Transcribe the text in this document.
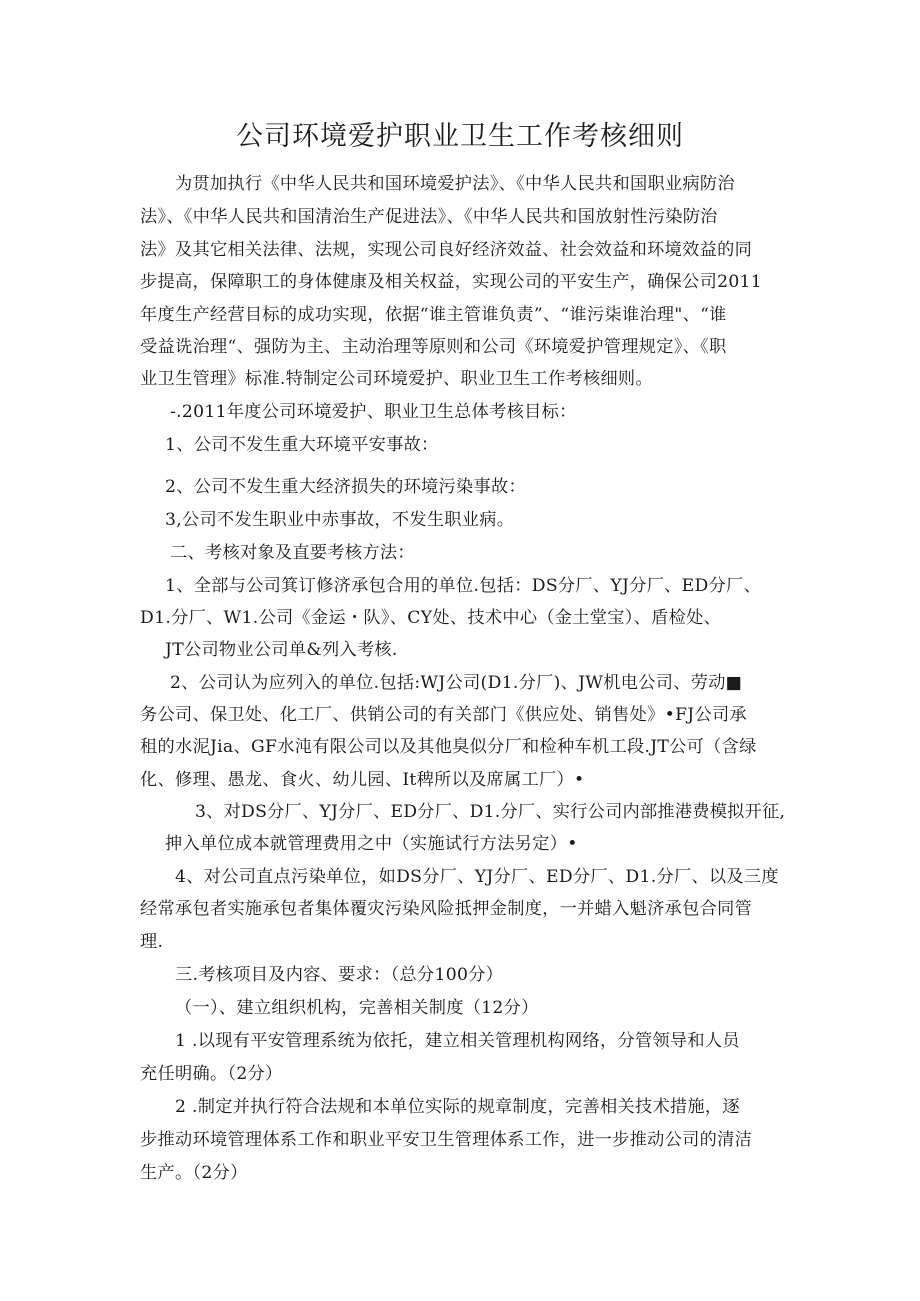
公司环境爱护职业卫生工作考核细则
为贯加执行《中华人民共和国环境爱护法》、《中华人民共和国职业病防治
法》、《中华人民共和国清治生产促进法》、《中华人民共和国放射性污染防治
法》及其它相关法律、法规，实现公司良好经济效益、社会效益和环境效益的同
步提高，保障职工的身体健康及相关权益，实现公司的平安生产，确保公司2011
年度生产经营目标的成功实现，依据“谁主管谁负责”、“谁污柒谁治理"、“谁
受益诜治理“、强防为主、主动治理等原则和公司《环境爱护管理规定》、《职
业卫生管理》标准.特制定公司环境爱护、职业卫生工作考核细则。
-.2011年度公司环境爱护、职业卫生总体考核目标：
1、公司不发生重大环境平安事故：
2、公司不发生重大经济损失的环境污染事故：
3,公司不发生职业中赤事故，不发生职业病。
二、考核对象及直要考核方法：
1、全部与公司箕订修济承包合用的单位.包括：DS分厂、YJ分厂、ED分厂、
D1.分厂、W1.公司《金运・队》、CY处、技术中心（金土堂宝）、盾检处、
JT公司物业公司单&列入考核.
2、公司认为应列入的单位.包括:WJ公司(D1.分厂)、JW机电公司、劳动■
务公司、保卫处、化工厂、供销公司的有关部门《供应处、销售处》•FJ公司承
租的水泥Jia、GF水沌有限公司以及其他臭似分厂和检种车机工段.JT公可（含绿
化、修理、愚龙、食火、幼儿园、It稗所以及席属工厂）•
3、对DS分厂、YJ分厂、ED分厂、D1.分厂、实行公司内部推港费模拟开征,
抻入单位成本就管理费用之中（实施试行方法另定）•
4、对公司直点污染单位，如DS分厂、YJ分厂、ED分厂、D1.分厂、以及三度
经常承包者实施承包者集体覆灾污染风险抵押金制度，一并蜡入魁济承包合同管
理.
三.考核项目及内容、要求：（总分100分）
（一）、建立组织机构，完善相关制度（12分）
1 .以现有平安管理系统为依托，建立相关管理机构网络，分管领导和人员
充任明确。（2分）
2 .制定并执行符合法规和本单位实际的规章制度，完善相关技术措施，逐
步推动环境管理体系工作和职业平安卫生管理体系工作，进一步推动公司的清洁
生产。（2分）
